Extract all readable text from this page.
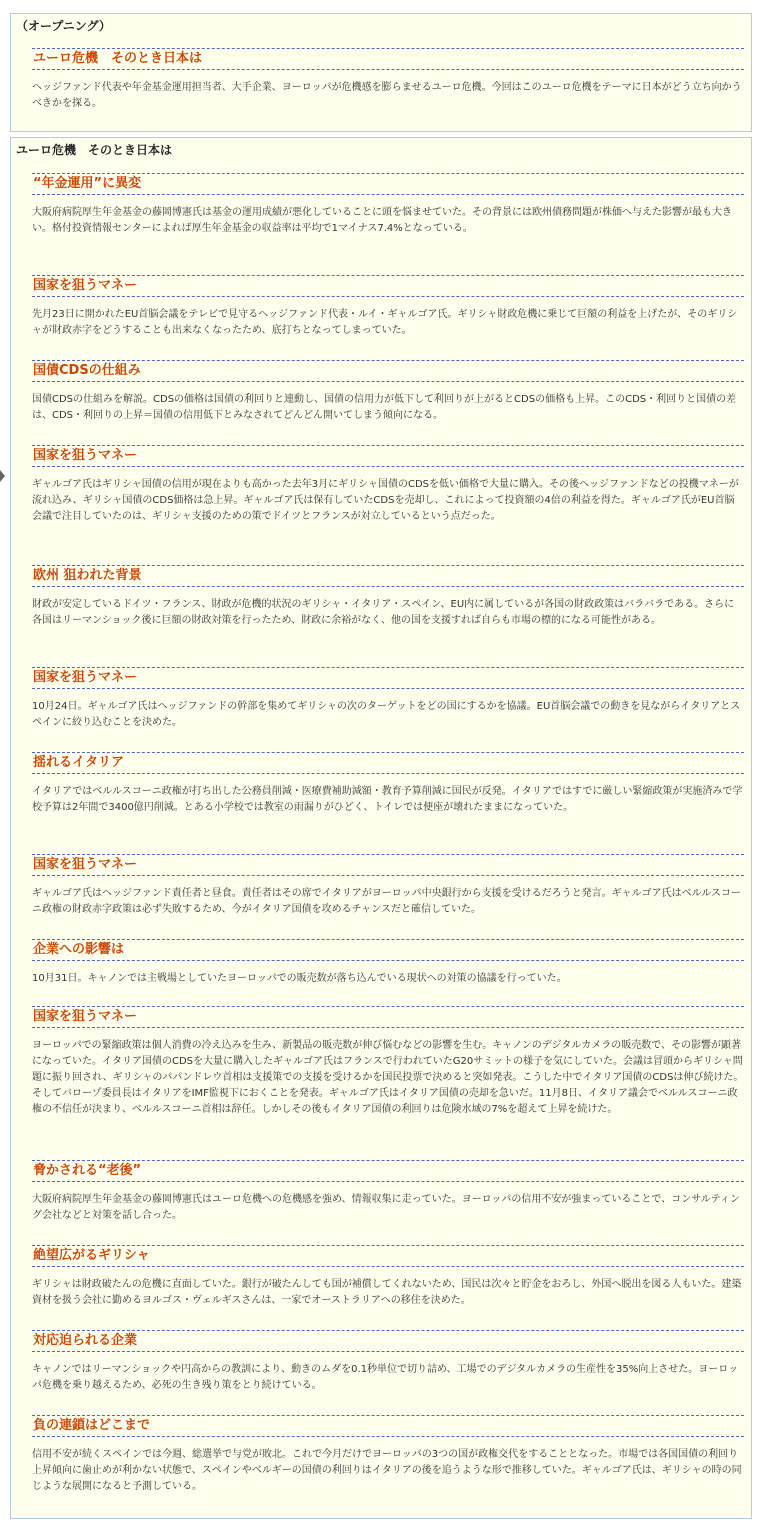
（オープニング）
ユーロ危機　そのとき日本は

ヘッジファンド代表や年金基金運用担当者、大手企業、ヨーロッパが危機感を膨らませるユーロ危機。今回はこのユーロ危機をテーマに日本がどう立ち向かうべきかを探る。

ユーロ危機　そのとき日本は
“年金運用”に異変

大阪府病院厚生年金基金の藤岡博憲氏は基金の運用成績が悪化していることに頭を悩ませていた。その背景には欧州債務問題が株価へ与えた影響が最も大きい。格付投資情報センターによれば厚生年金基金の収益率は平均で1マイナス7.4%となっている。

国家を狙うマネー

先月23日に開かれたEU首脳会議をテレビで見守るヘッジファンド代表・ルイ・ギャルゴア氏。ギリシャ財政危機に乗じて巨額の利益を上げたが、そのギリシャが財政赤字をどうすることも出来なくなったため、底打ちとなってしまっていた。

国債CDSの仕組み

国債CDSの仕組みを解説。CDSの価格は国債の利回りと連動し、国債の信用力が低下して利回りが上がるとCDSの価格も上昇。このCDS・利回りと国債の差は、CDS・利回りの上昇＝国債の信用低下とみなされてどんどん開いてしまう傾向になる。

国家を狙うマネー

ギャルゴア氏はギリシャ国債の信用が現在よりも高かった去年3月にギリシャ国債のCDSを低い価格で大量に購入。その後ヘッジファンドなどの投機マネーが流れ込み、ギリシャ国債のCDS価格は急上昇。ギャルゴア氏は保有していたCDSを売却し、これによって投資額の4倍の利益を得た。ギャルゴア氏がEU首脳会議で注目していたのは、ギリシャ支援のための策でドイツとフランスが対立しているという点だった。

欧州 狙われた背景

財政が安定しているドイツ・フランス、財政が危機的状況のギリシャ・イタリア・スペイン、EU内に属しているが各国の財政政策はバラバラである。さらに各国はリーマンショック後に巨額の財政対策を行ったため、財政に余裕がなく、他の国を支援すれば自らも市場の標的になる可能性がある。

国家を狙うマネー

10月24日。ギャルゴア氏はヘッジファンドの幹部を集めてギリシャの次のターゲットをどの国にするかを協議。EU首脳会議での動きを見ながらイタリアとスペインに絞り込むことを決めた。

揺れるイタリア

イタリアではベルルスコーニ政権が打ち出した公務員削減・医療費補助減額・教育予算削減に国民が反発。イタリアではすでに厳しい緊縮政策が実施済みで学校予算は2年間で3400億円削減。とある小学校では教室の雨漏りがひどく、トイレでは便座が壊れたままになっていた。

国家を狙うマネー

ギャルゴア氏はヘッジファンド責任者と昼食。責任者はその席でイタリアがヨーロッパ中央銀行から支援を受けるだろうと発言。ギャルゴア氏はベルルスコーニ政権の財政赤字政策は必ず失敗するため、今がイタリア国債を攻めるチャンスだと確信していた。

企業への影響は

10月31日。キャノンでは主戦場としていたヨーロッパでの販売数が落ち込んでいる現状への対策の協議を行っていた。

国家を狙うマネー

ヨーロッパでの緊縮政策は個人消費の冷え込みを生み、新製品の販売数が伸び悩むなどの影響を生む。キャノンのデジタルカメラの販売数で、その影響が顕著になっていた。イタリア国債のCDSを大量に購入したギャルゴア氏はフランスで行われていたG20サミットの様子を気にしていた。会議は冒頭からギリシャ問題に振り回され、ギリシャのパパンドレウ首相は支援策での支援を受けるかを国民投票で決めると突如発表。こうした中でイタリア国債のCDSは伸び続けた。そしてバローゾ委員長はイタリアをIMF監視下におくことを発表。ギャルゴア氏はイタリア国債の売却を急いだ。11月8日、イタリア議会でベルルスコーニ政権の不信任が決まり、ベルルスコーニ首相は辞任。しかしその後もイタリア国債の利回りは危険水域の7%を超えて上昇を続けた。

脅かされる“老後”

大阪府病院厚生年金基金の藤岡博憲氏はユーロ危機への危機感を強め、情報収集に走っていた。ヨーロッパの信用不安が強まっていることで、コンサルティング会社などと対策を話し合った。

絶望広がるギリシャ

ギリシャは財政破たんの危機に直面していた。銀行が破たんしても国が補償してくれないため、国民は次々と貯金をおろし、外国へ脱出を図る人もいた。建築資材を扱う会社に勤めるヨルゴス・ヴェルギスさんは、一家でオーストラリアへの移住を決めた。

対応迫られる企業

キャノンではリーマンショックや円高からの教訓により、動きのムダを0.1秒単位で切り詰め、工場でのデジタルカメラの生産性を35%向上させた。ヨーロッパ危機を乗り越えるため、必死の生き残り策をとり続けている。

負の連鎖はどこまで

信用不安が続くスペインでは今週、総選挙で与党が敗北。これで今月だけでヨーロッパの3つの国が政権交代をすることとなった。市場では各国国債の利回り上昇傾向に歯止めが利かない状態で、スペインやベルギーの国債の利回りはイタリアの後を追うような形で推移していた。ギャルゴア氏は、ギリシャの時の同じような展開になると予測している。
